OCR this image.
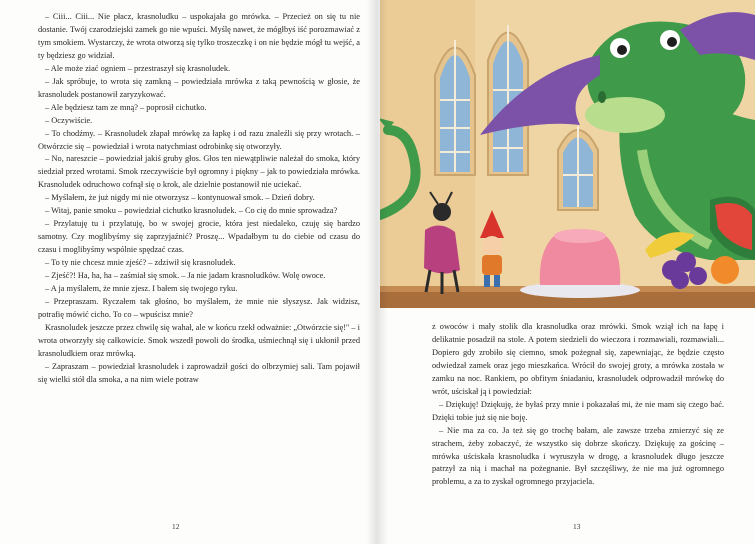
– Ciii... Ciii... Nie płacz, krasnoludku – uspokajała go mrówka. – Przecież on się tu nie dostanie. Twój czarodziejski zamek go nie wpuści. Myślę nawet, że mógłbyś iść porozmawiać z tym smokiem. Wystarczy, że wrota otworzą się tylko troszeczkę i on nie będzie mógł tu wejść, a ty będziesz go widział.

– Ale może ziać ogniem – przestraszył się krasnoludek.

– Jak spróbuje, to wrota się zamkną – powiedziała mrówka z taką pewnością w głosie, że krasnoludek postanowił zaryzykować.

– Ale będziesz tam ze mną? – poprosił cichutko.

– Oczywiście.

– To chodźmy. – Krasnoludek złapał mrówkę za łapkę i od razu znaleźli się przy wrotach. – Otwórzcie się – powiedział i wrota natychmiast odrobinkę się otworzyły.

– No, nareszcie – powiedział jakiś gruby głos. Głos ten niewątpliwie należał do smoka, który siedział przed wrotami. Smok rzeczywiście był ogromny i piękny – jak to powiedziała mrówka. Krasnoludek odruchowo cofnął się o krok, ale dzielnie postanowił nie uciekać.

– Myślałem, że już nigdy mi nie otworzysz – kontynuował smok. – Dzień dobry.

– Witaj, panie smoku – powiedział cichutko krasnoludek. – Co cię do mnie sprowadza?

– Przylatuję tu i przylatuję, bo w swojej grocie, która jest niedaleko, czuję się bardzo samotny. Czy moglibyśmy się zaprzyjaźnić? Proszę... Wpadałbym tu do ciebie od czasu do czasu i moglibyśmy wspólnie spędzać czas.

– To ty nie chcesz mnie zjeść? – zdziwił się krasnoludek.

– Zjeść?! Ha, ha, ha – zaśmiał się smok. – Ja nie jadam krasnoludków. Wolę owoce.

– A ja myślałem, że mnie zjesz. I bałem się twojego ryku.

– Przepraszam. Ryczałem tak głośno, bo myślałem, że mnie nie słyszysz. Jak widzisz, potrafię mówić cicho. To co – wpuścisz mnie?

Krasnoludek jeszcze przez chwilę się wahał, ale w końcu rzekł odważnie: „Otwórzcie się!" – i wrota otworzyły się całkowicie. Smok wszedł powoli do środka, uśmiechnął się i ukłonił przed krasnoludkiem oraz mrówką.

– Zapraszam – powiedział krasnoludek i zaprowadził gości do olbrzymiej sali. Tam pojawił się wielki stół dla smoka, a na nim wiele potraw

12

z owoców i mały stolik dla krasnoludka oraz mrówki. Smok wziął ich na łapę i delikatnie posadził na stole. A potem siedzieli do wieczora i rozmawiali, rozmawiali... Dopiero gdy zrobiło się ciemno, smok pożegnał się, zapewniając, że będzie często odwiedzał zamek oraz jego mieszkańca. Wrócił do swojej groty, a mrówka została w zamku na noc. Rankiem, po obfitym śniadaniu, krasnoludek odprowadził mrówkę do wrót, uściskał ją i powiedział:

– Dziękuję! Dziękuję, że byłaś przy mnie i pokazałaś mi, że nie mam się czego bać. Dzięki tobie już się nie boję.

– Nie ma za co. Ja też się go trochę bałam, ale zawsze trzeba zmierzyć się ze strachem, żeby zobaczyć, że wszystko się dobrze skończy. Dziękuję za gościnę – mrówka uściskała krasnoludka i wyruszyła w drogę, a krasnoludek długo jeszcze patrzył za nią i machał na pożegnanie. Był szczęśliwy, że nie ma już ogromnego problemu, a za to zyskał ogromnego przyjaciela.

13
